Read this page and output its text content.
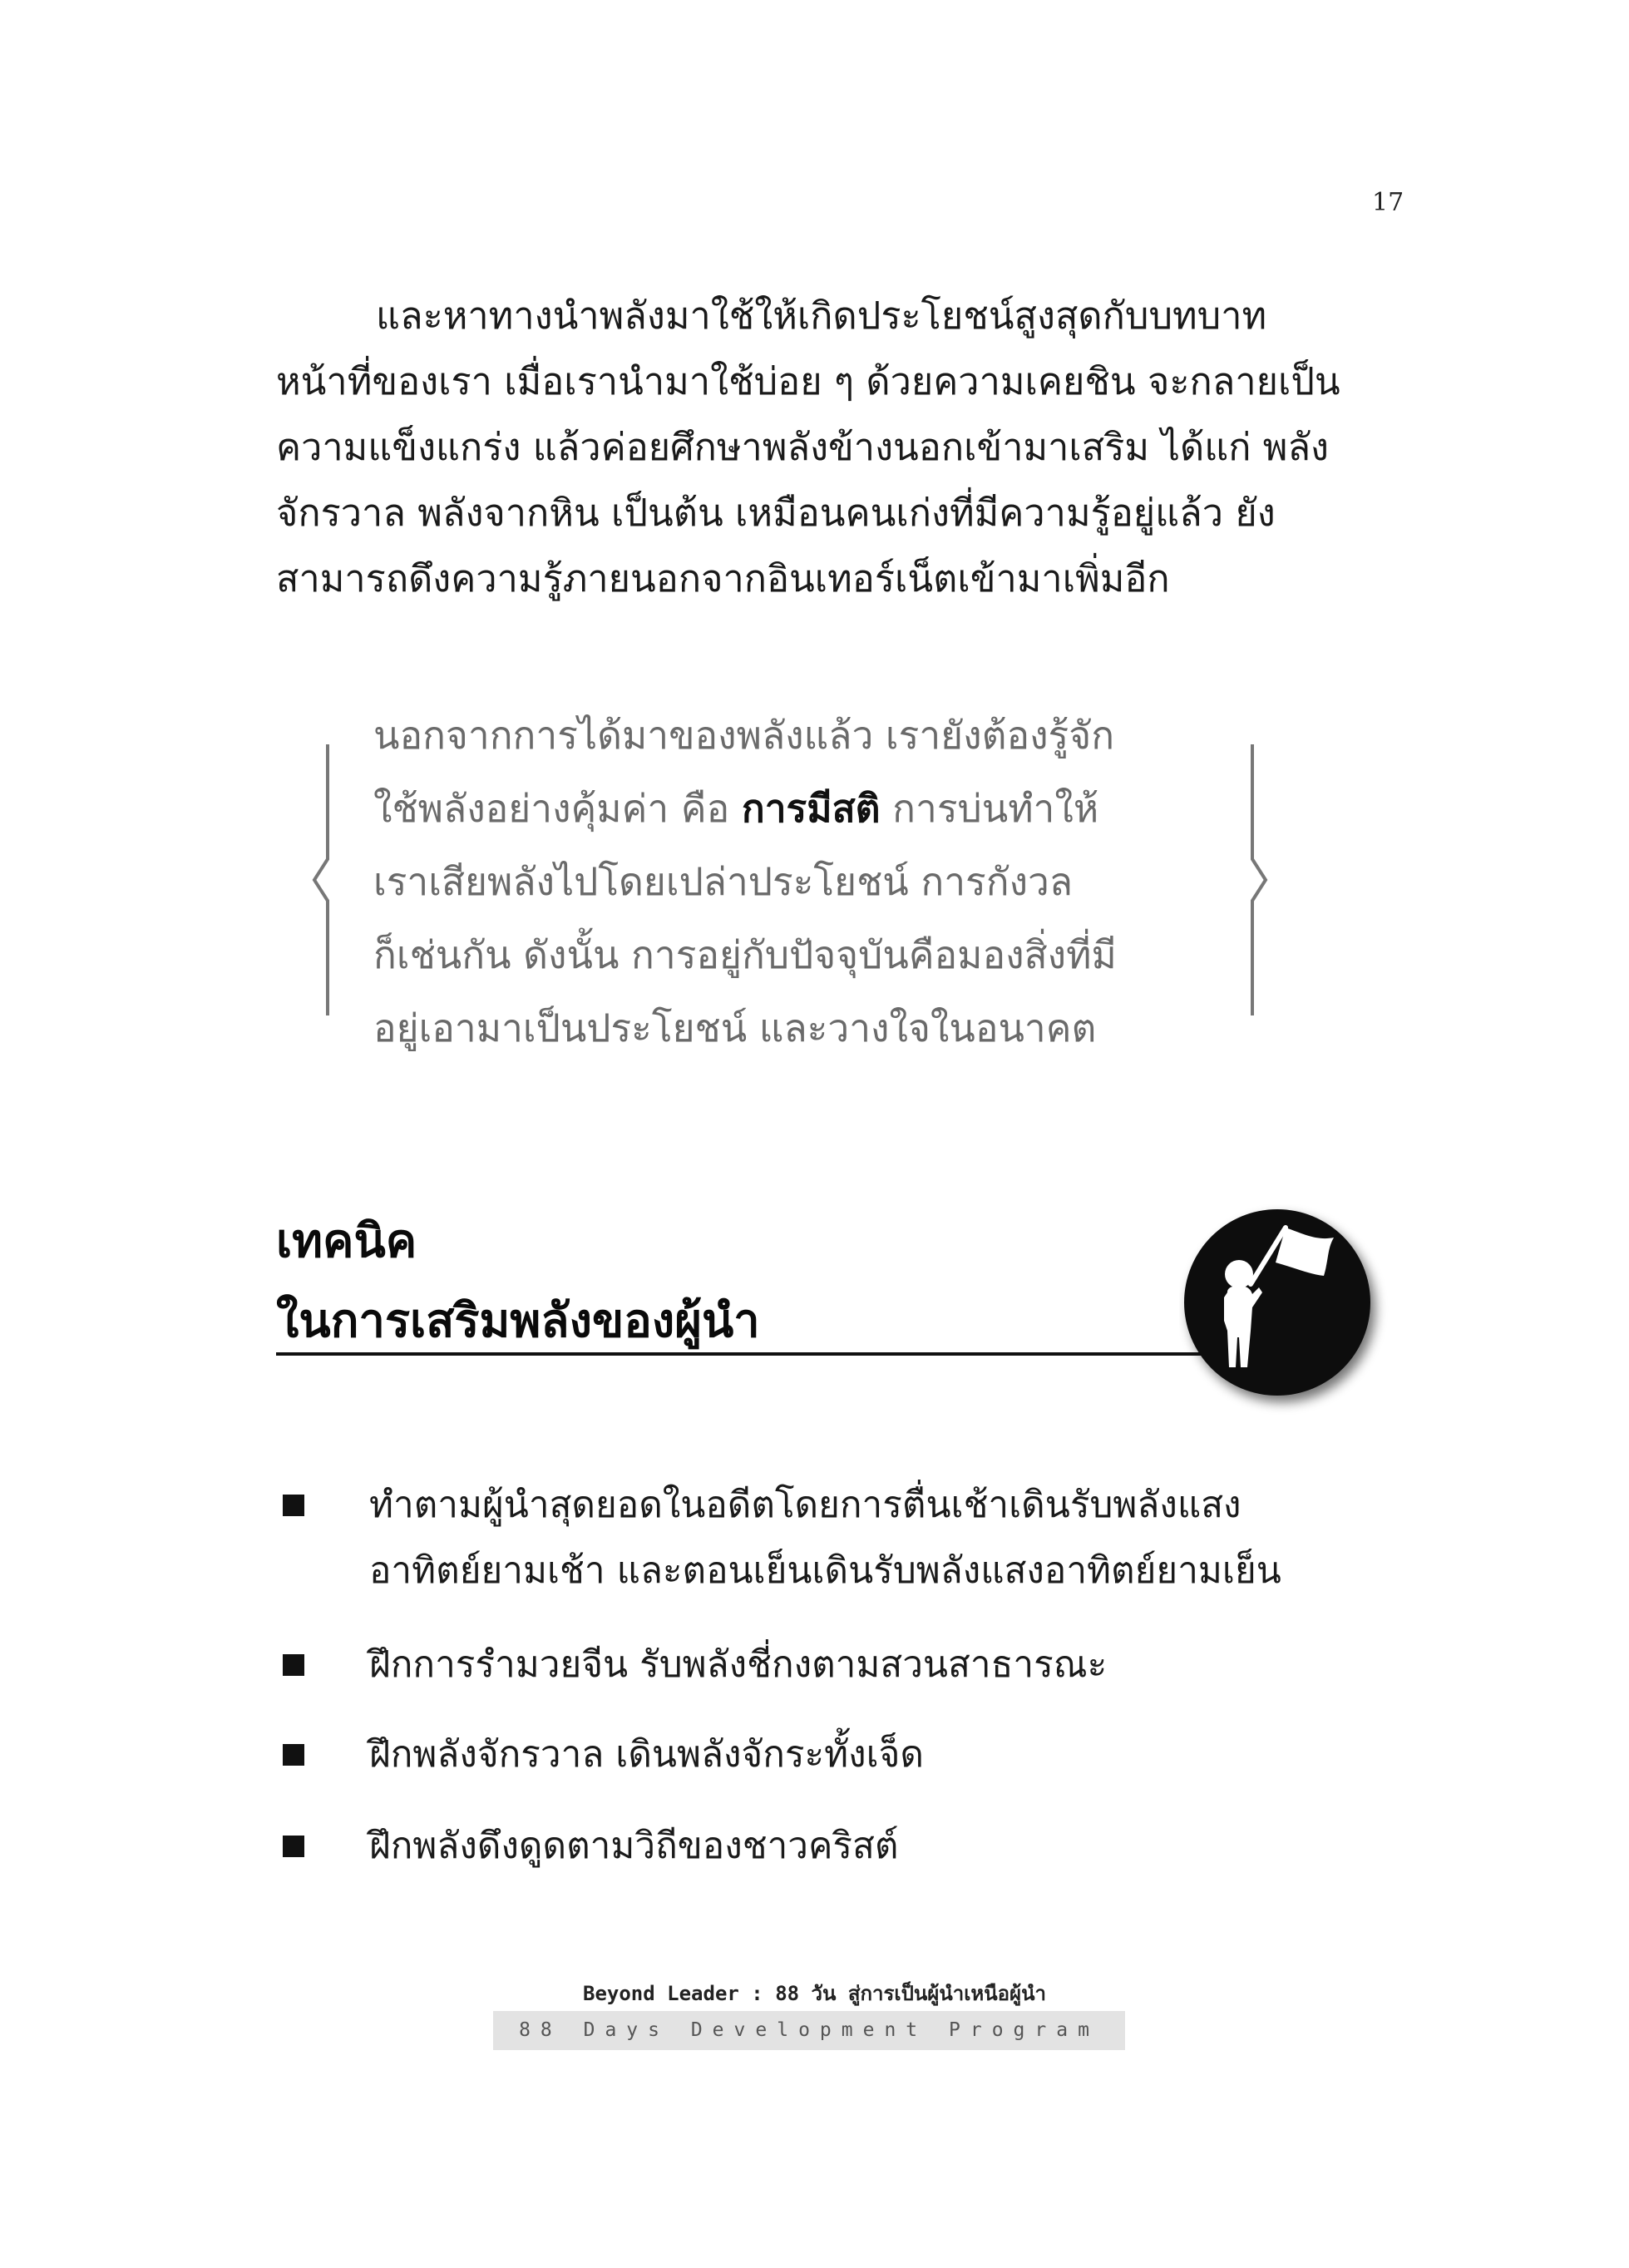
17
และหาทางนำพลังมาใช้ให้เกิดประโยชน์สูงสุดกับบทบาท
หน้าที่ของเรา เมื่อเรานำมาใช้บ่อย ๆ ด้วยความเคยชิน จะกลายเป็น
ความแข็งแกร่ง แล้วค่อยศึกษาพลังข้างนอกเข้ามาเสริม ได้แก่ พลัง
จักรวาล พลังจากหิน เป็นต้น เหมือนคนเก่งที่มีความรู้อยู่แล้ว ยัง
สามารถดึงความรู้ภายนอกจากอินเทอร์เน็ตเข้ามาเพิ่มอีก
นอกจากการได้มาของพลังแล้ว เรายังต้องรู้จัก
ใช้พลังอย่างคุ้มค่า คือ การมีสติ การบ่นทำให้
เราเสียพลังไปโดยเปล่าประโยชน์ การกังวล
ก็เช่นกัน ดังนั้น การอยู่กับปัจจุบันคือมองสิ่งที่มี
อยู่เอามาเป็นประโยชน์ และวางใจในอนาคต
เทคนิค
ในการเสริมพลังของผู้นำ
ทำตามผู้นำสุดยอดในอดีตโดยการตื่นเช้าเดินรับพลังแสง
อาทิตย์ยามเช้า และตอนเย็นเดินรับพลังแสงอาทิตย์ยามเย็น
ฝึกการรำมวยจีน รับพลังชี่กงตามสวนสาธารณะ
ฝึกพลังจักรวาล เดินพลังจักระทั้งเจ็ด
ฝึกพลังดึงดูดตามวิถีของชาวคริสต์
Beyond Leader : 88 วัน สู่การเป็นผู้นำเหนือผู้นำ
88 Days Development Program
